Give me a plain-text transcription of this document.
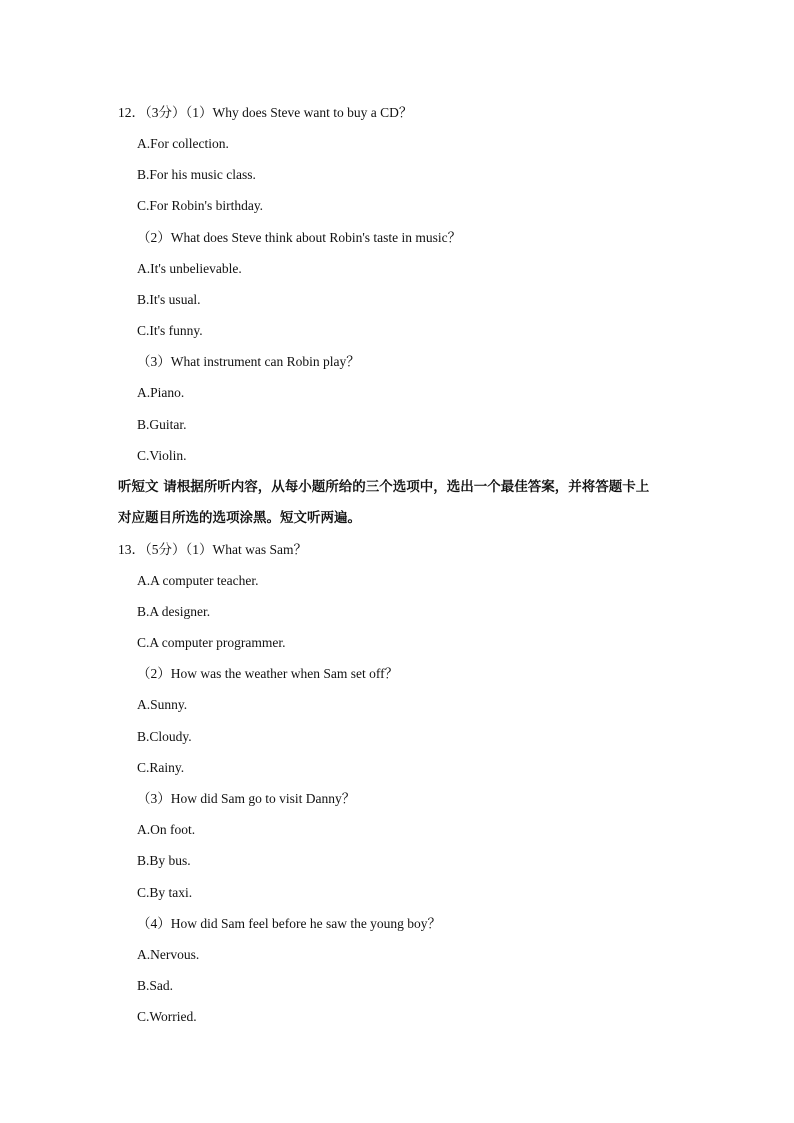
12．（3分）（1）Why does Steve want to buy a CD？
A.For collection.
B.For his music class.
C.For Robin's birthday.
（2）What does Steve think about Robin's taste in music？
A.It's unbelievable.
B.It's usual.
C.It's funny.
（3）What instrument can Robin play？
A.Piano.
B.Guitar.
C.Violin.
听短文 请根据所听内容，从每小题所给的三个选项中，选出一个最佳答案，并将答题卡上
对应题目所选的选项涂黑。短文听两遍。
13．（5分）（1）What was Sam？
A.A computer teacher.
B.A designer.
C.A computer programmer.
（2）How was the weather when Sam set off？
A.Sunny.
B.Cloudy.
C.Rainy.
（3）How did Sam go to visit Danny？
A.On foot.
B.By bus.
C.By taxi.
（4）How did Sam feel before he saw the young boy？
A.Nervous.
B.Sad.
C.Worried.
